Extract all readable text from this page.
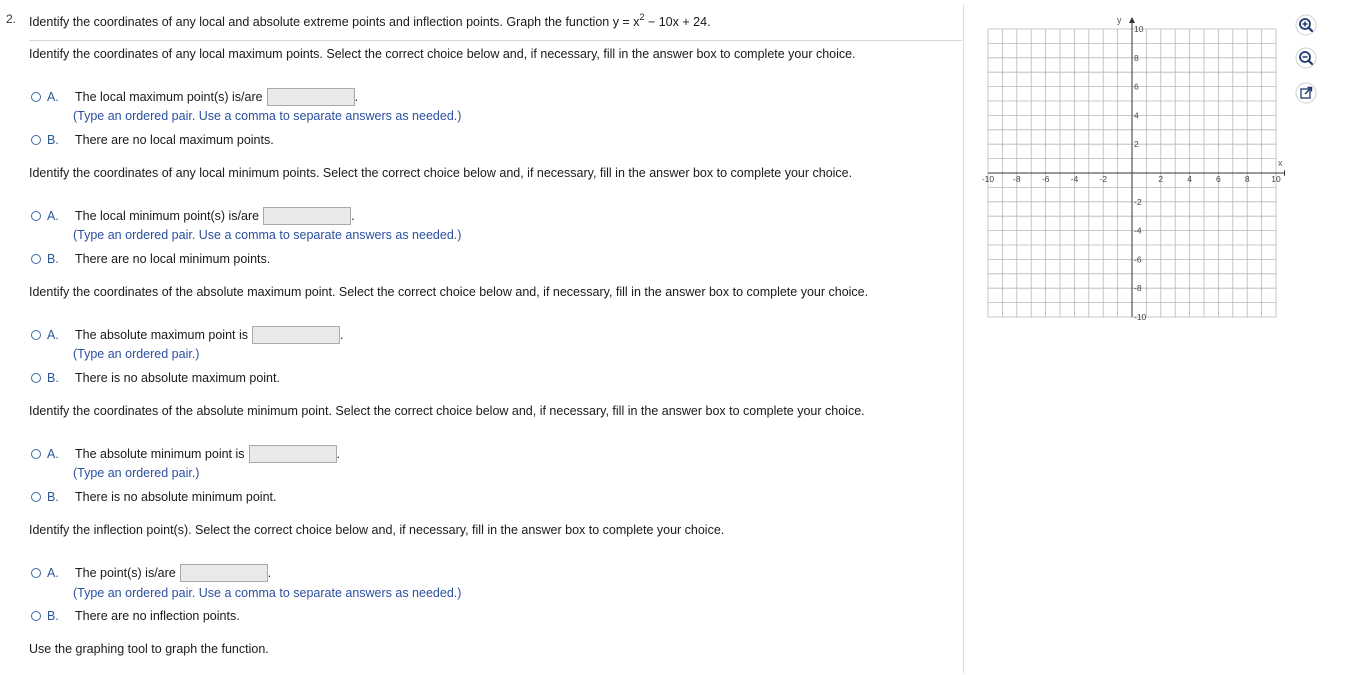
2. Identify the coordinates of any local and absolute extreme points and inflection points. Graph the function $y = x^2 - 10x + 24$.
Identify the coordinates of any local maximum points. Select the correct choice below and, if necessary, fill in the answer box to complete your choice.
A. The local maximum point(s) is/are	.
(Type an ordered pair. Use a comma to separate answers as needed.)
B. There are no local maximum points.
Identify the coordinates of any local minimum points. Select the correct choice below and, if necessary, fill in the answer box to complete your choice.
A. The local minimum point(s) is/are	.
(Type an ordered pair. Use a comma to separate answers as needed.)
B. There are no local minimum points.
Identify the coordinates of the absolute maximum point. Select the correct choice below and, if necessary, fill in the answer box to complete your choice.
A. The absolute maximum point is	.
(Type an ordered pair.)
B. There is no absolute maximum point.
Identify the coordinates of the absolute minimum point. Select the correct choice below and, if necessary, fill in the answer box to complete your choice.
A. The absolute minimum point is	.
(Type an ordered pair.)
B. There is no absolute minimum point.
Identify the inflection point(s). Select the correct choice below and, if necessary, fill in the answer box to complete your choice.
A. The point(s) is/are	.
(Type an ordered pair. Use a comma to separate answers as needed.)
B. There are no inflection points.
Use the graphing tool to graph the function.
-10 -8 -6 -4 -2	2	4	6	8	10
10
8
6
4
2
-2
-4
-6
-8
-10
x
y
